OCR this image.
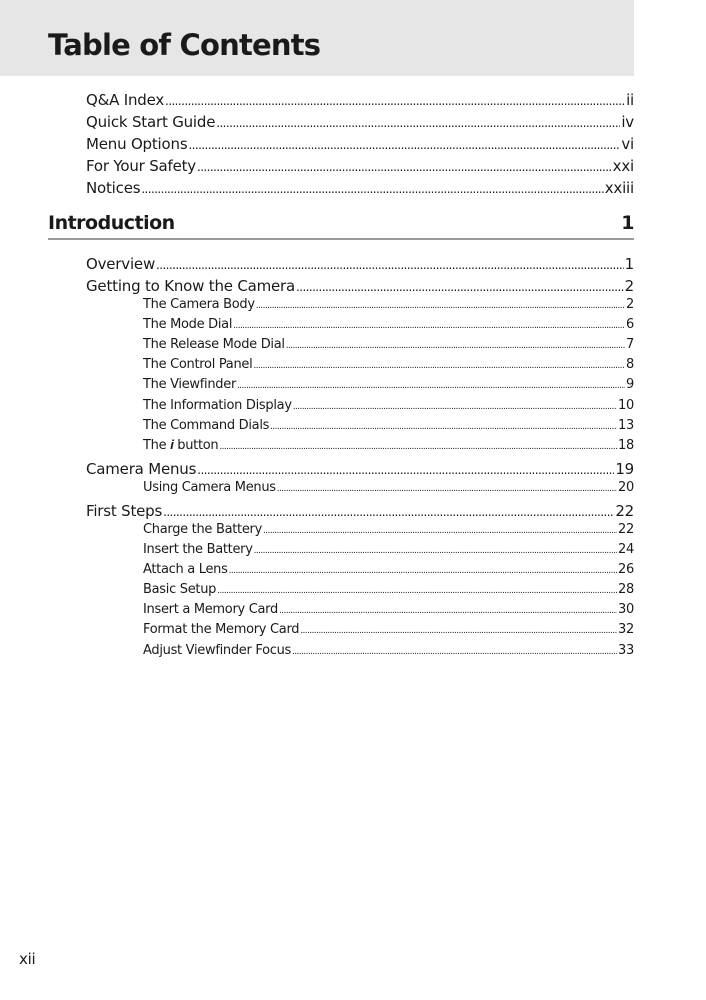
Table of Contents
Q&A Index .....	ii
Quick Start Guide .....	iv
Menu Options .....	vi
For Your Safety .....	xxi
Notices .....	xxiii
Introduction	1
Overview .....	1
Getting to Know the Camera .....	2
The Camera Body .....	2
The Mode Dial .....	6
The Release Mode Dial .....	7
The Control Panel .....	8
The Viewfinder .....	9
The Information Display .....	10
The Command Dials .....	13
The 𝒊 button .....	18
Camera Menus .....	19
Using Camera Menus .....	20
First Steps .....	22
Charge the Battery .....	22
Insert the Battery .....	24
Attach a Lens .....	26
Basic Setup .....	28
Insert a Memory Card .....	30
Format the Memory Card .....	32
Adjust Viewfinder Focus .....	33
xii
